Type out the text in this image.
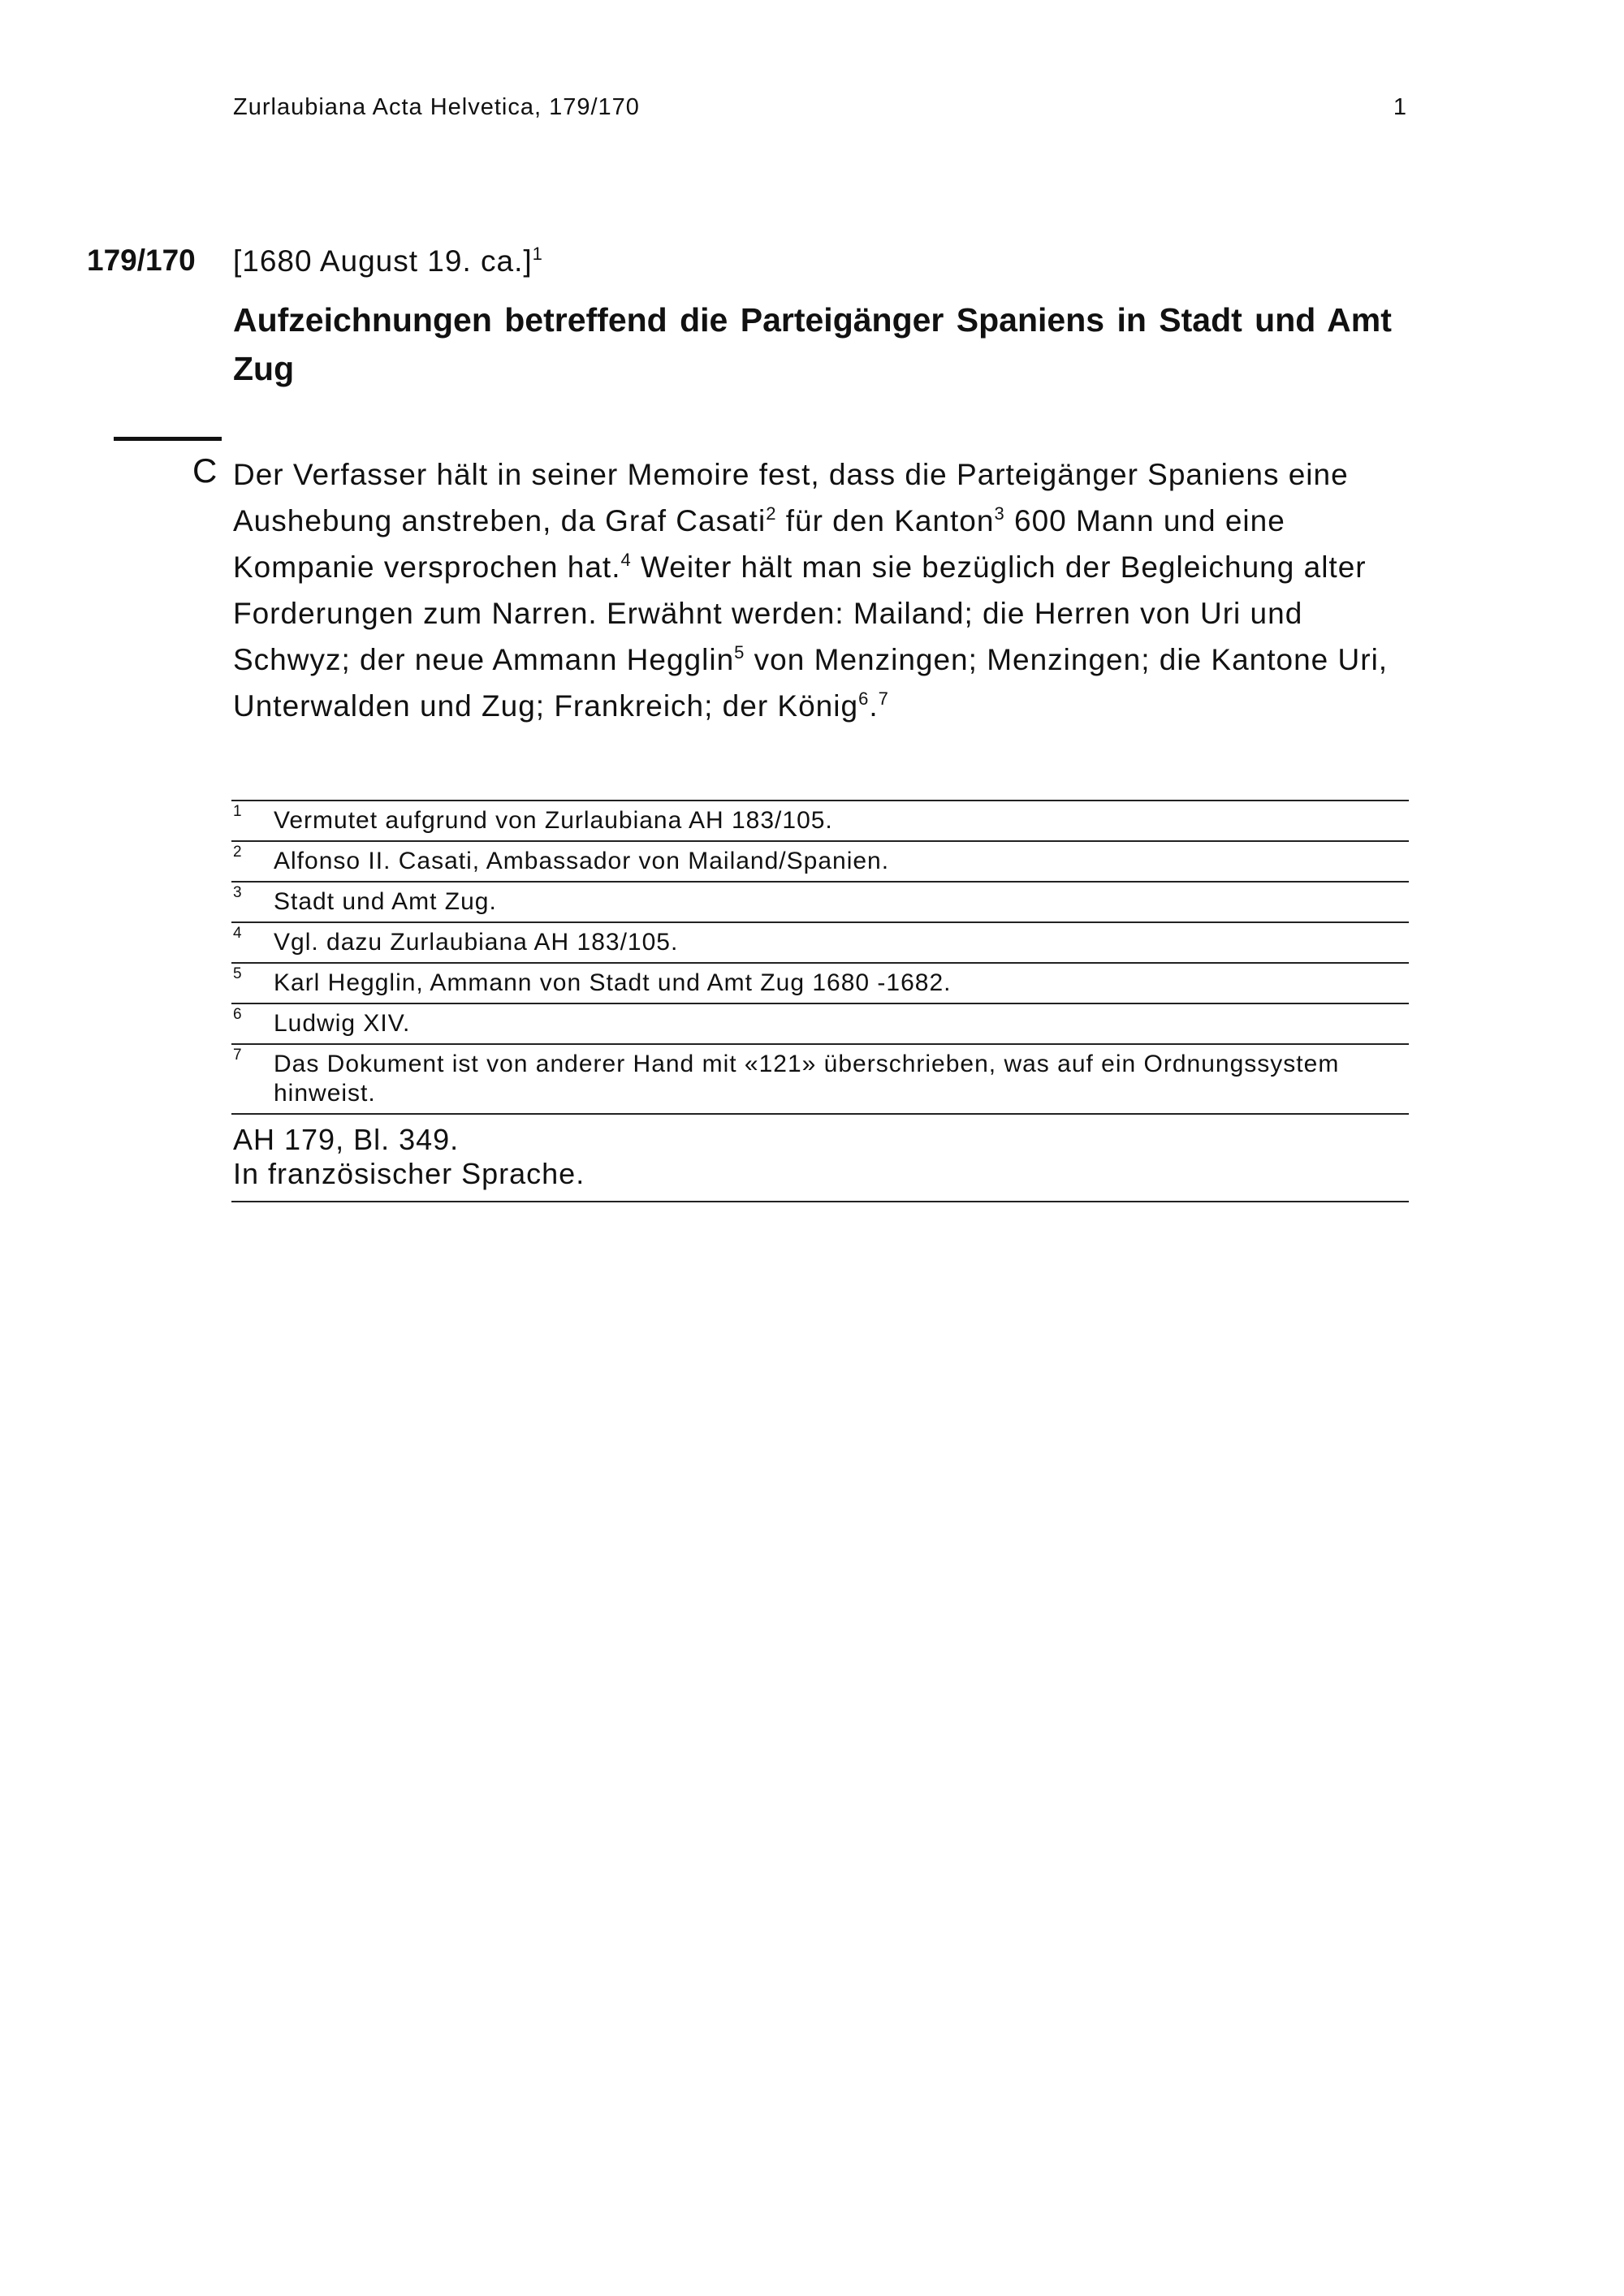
Zurlaubiana Acta Helvetica, 179/170	1
179/170 [1680 August 19. ca.]$^1$
Aufzeichnungen betreffend die Parteigänger Spaniens in Stadt und Amt Zug
C Der Verfasser hält in seiner Memoire fest, dass die Parteigänger Spaniens eine Aushebung anstreben, da Graf Casati$^2$ für den Kanton$^3$ 600 Mann und eine Kompanie versprochen hat.$^4$ Weiter hält man sie bezüglich der Begleichung alter Forderungen zum Narren. Erwähnt werden: Mailand; die Herren von Uri und Schwyz; der neue Ammann Hegglin$^5$ von Menzingen; Menzingen; die Kantone Uri, Unterwalden und Zug; Frankreich; der König$^6$.$^7$

1 Vermutet aufgrund von Zurlaubiana AH 183/105.
2 Alfonso II. Casati, Ambassador von Mailand/Spanien.
3 Stadt und Amt Zug.
4 Vgl. dazu Zurlaubiana AH 183/105.
5 Karl Hegglin, Ammann von Stadt und Amt Zug 1680 -1682.
6 Ludwig XIV.
7 Das Dokument ist von anderer Hand mit «121» überschrieben, was auf ein Ordnungssystem hinweist.
AH 179, Bl. 349.
In französischer Sprache.
